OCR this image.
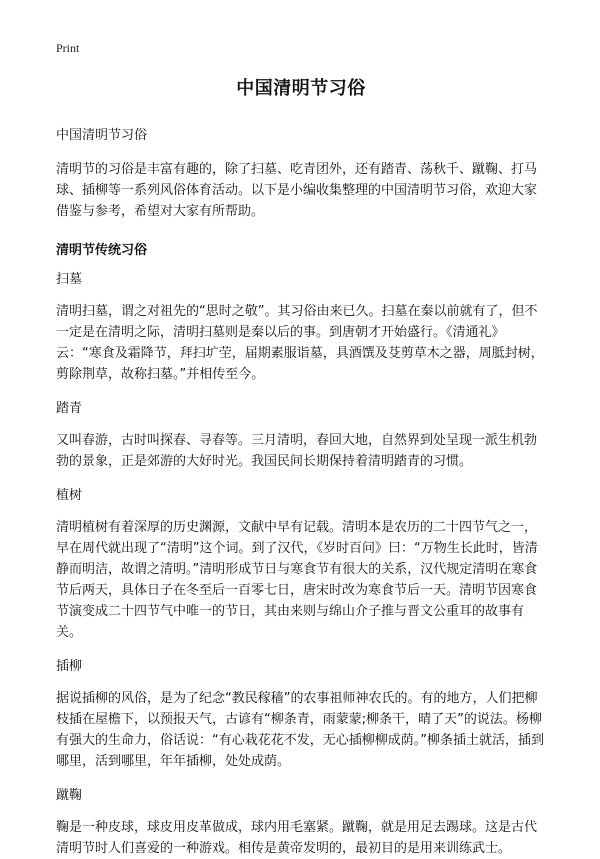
Print
中国清明节习俗
中国清明节习俗

清明节的习俗是丰富有趣的，除了扫墓、吃青团外，还有踏青、荡秋千、蹴鞠、打马球、插柳等一系列风俗体育活动。以下是小编收集整理的中国清明节习俗，欢迎大家借鉴与参考，希望对大家有所帮助。

清明节传统习俗
扫墓

清明扫墓，谓之对祖先的“思时之敬”。其习俗由来已久。扫墓在秦以前就有了，但不一定是在清明之际，清明扫墓则是秦以后的事。到唐朝才开始盛行。《清通礼》云：“寒食及霜降节，拜扫圹茔，届期素服诣墓，具酒馔及芟剪草木之器，周胝封树，剪除荆草，故称扫墓。”并相传至今。

踏青

又叫春游，古时叫探春、寻春等。三月清明，春回大地，自然界到处呈现一派生机勃勃的景象，正是郊游的大好时光。我国民间长期保持着清明踏青的习惯。

植树

清明植树有着深厚的历史渊源，文献中早有记载。清明本是农历的二十四节气之一，早在周代就出现了“清明”这个词。到了汉代，《岁时百问》曰：“万物生长此时，皆清静而明洁，故谓之清明。”清明形成节日与寒食节有很大的关系，汉代规定清明在寒食节后两天，具体日子在冬至后一百零七日，唐宋时改为寒食节后一天。清明节因寒食节演变成二十四节气中唯一的节日，其由来则与绵山介子推与晋文公重耳的故事有关。

插柳

据说插柳的风俗，是为了纪念“教民稼穑”的农事祖师神农氏的。有的地方，人们把柳枝插在屋檐下，以预报天气，古谚有“柳条青，雨蒙蒙;柳条干，晴了天”的说法。杨柳有强大的生命力，俗话说：“有心栽花花不发，无心插柳柳成荫。”柳条插土就活，插到哪里，活到哪里，年年插柳，处处成荫。

蹴鞠

鞠是一种皮球，球皮用皮革做成，球内用毛塞紧。蹴鞠，就是用足去踢球。这是古代清明节时人们喜爱的一种游戏。相传是黄帝发明的，最初目的是用来训练武士。
